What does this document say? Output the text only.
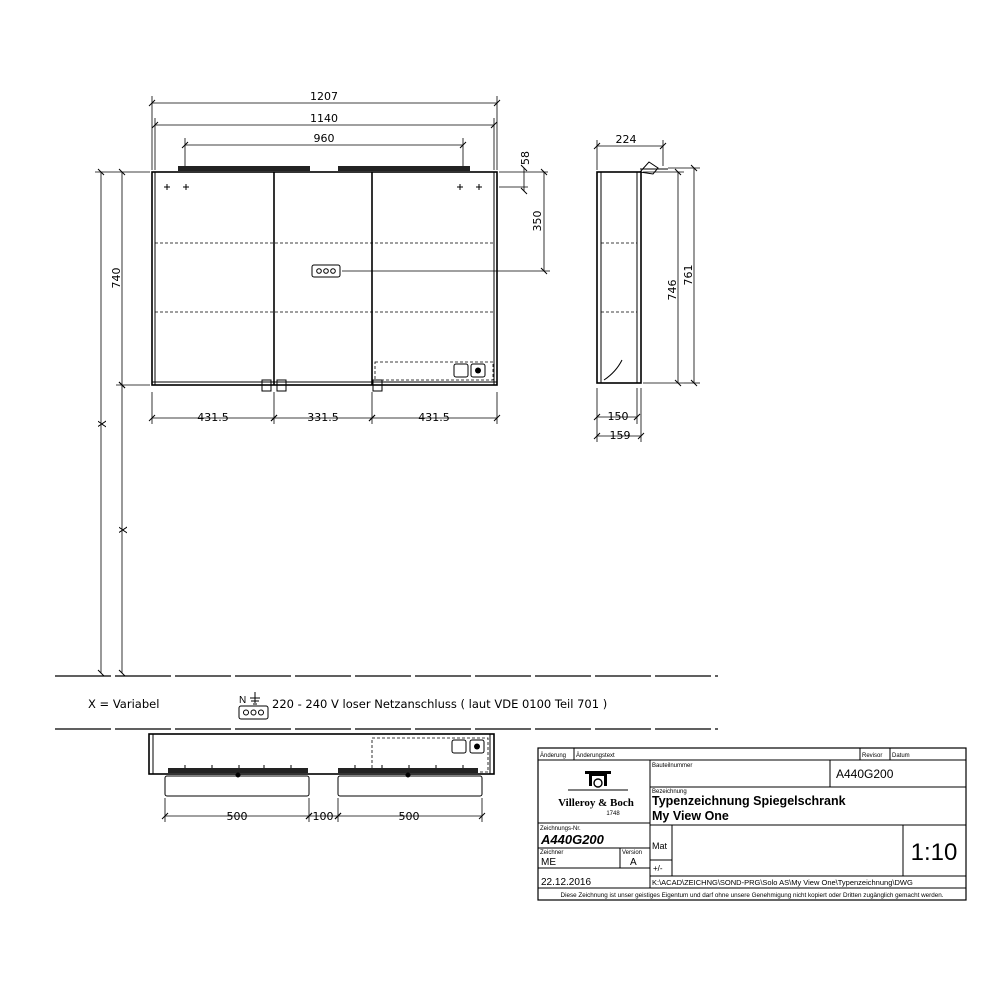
1207
1140
960
58
350
740
X
X
431.5	331.5	431.5
224
746
761
150
159
X = Variabel	N 220 - 240 V loser Netzanschluss ( laut VDE 0100 Teil 701 )
500	100	500
Änderung Änderungstext	Revisor Datum
Villeroy & Boch
1748
Bauteilnummer
A440G200
Bezeichnung
Typenzeichnung Spiegelschrank
My View One
Zeichnungs-Nr.
A440G200	Mat	1:10
Zeichner
ME
Version
A
+/-
22.12.2016	K:\ACAD\ZEICHNG\SOND-PRG\Solo AS\My View One\Typenzeichnung\DWG
Diese Zeichnung ist unser geistiges Eigentum und darf ohne unsere Genehmigung nicht kopiert oder Dritten zugänglich gemacht werden.
